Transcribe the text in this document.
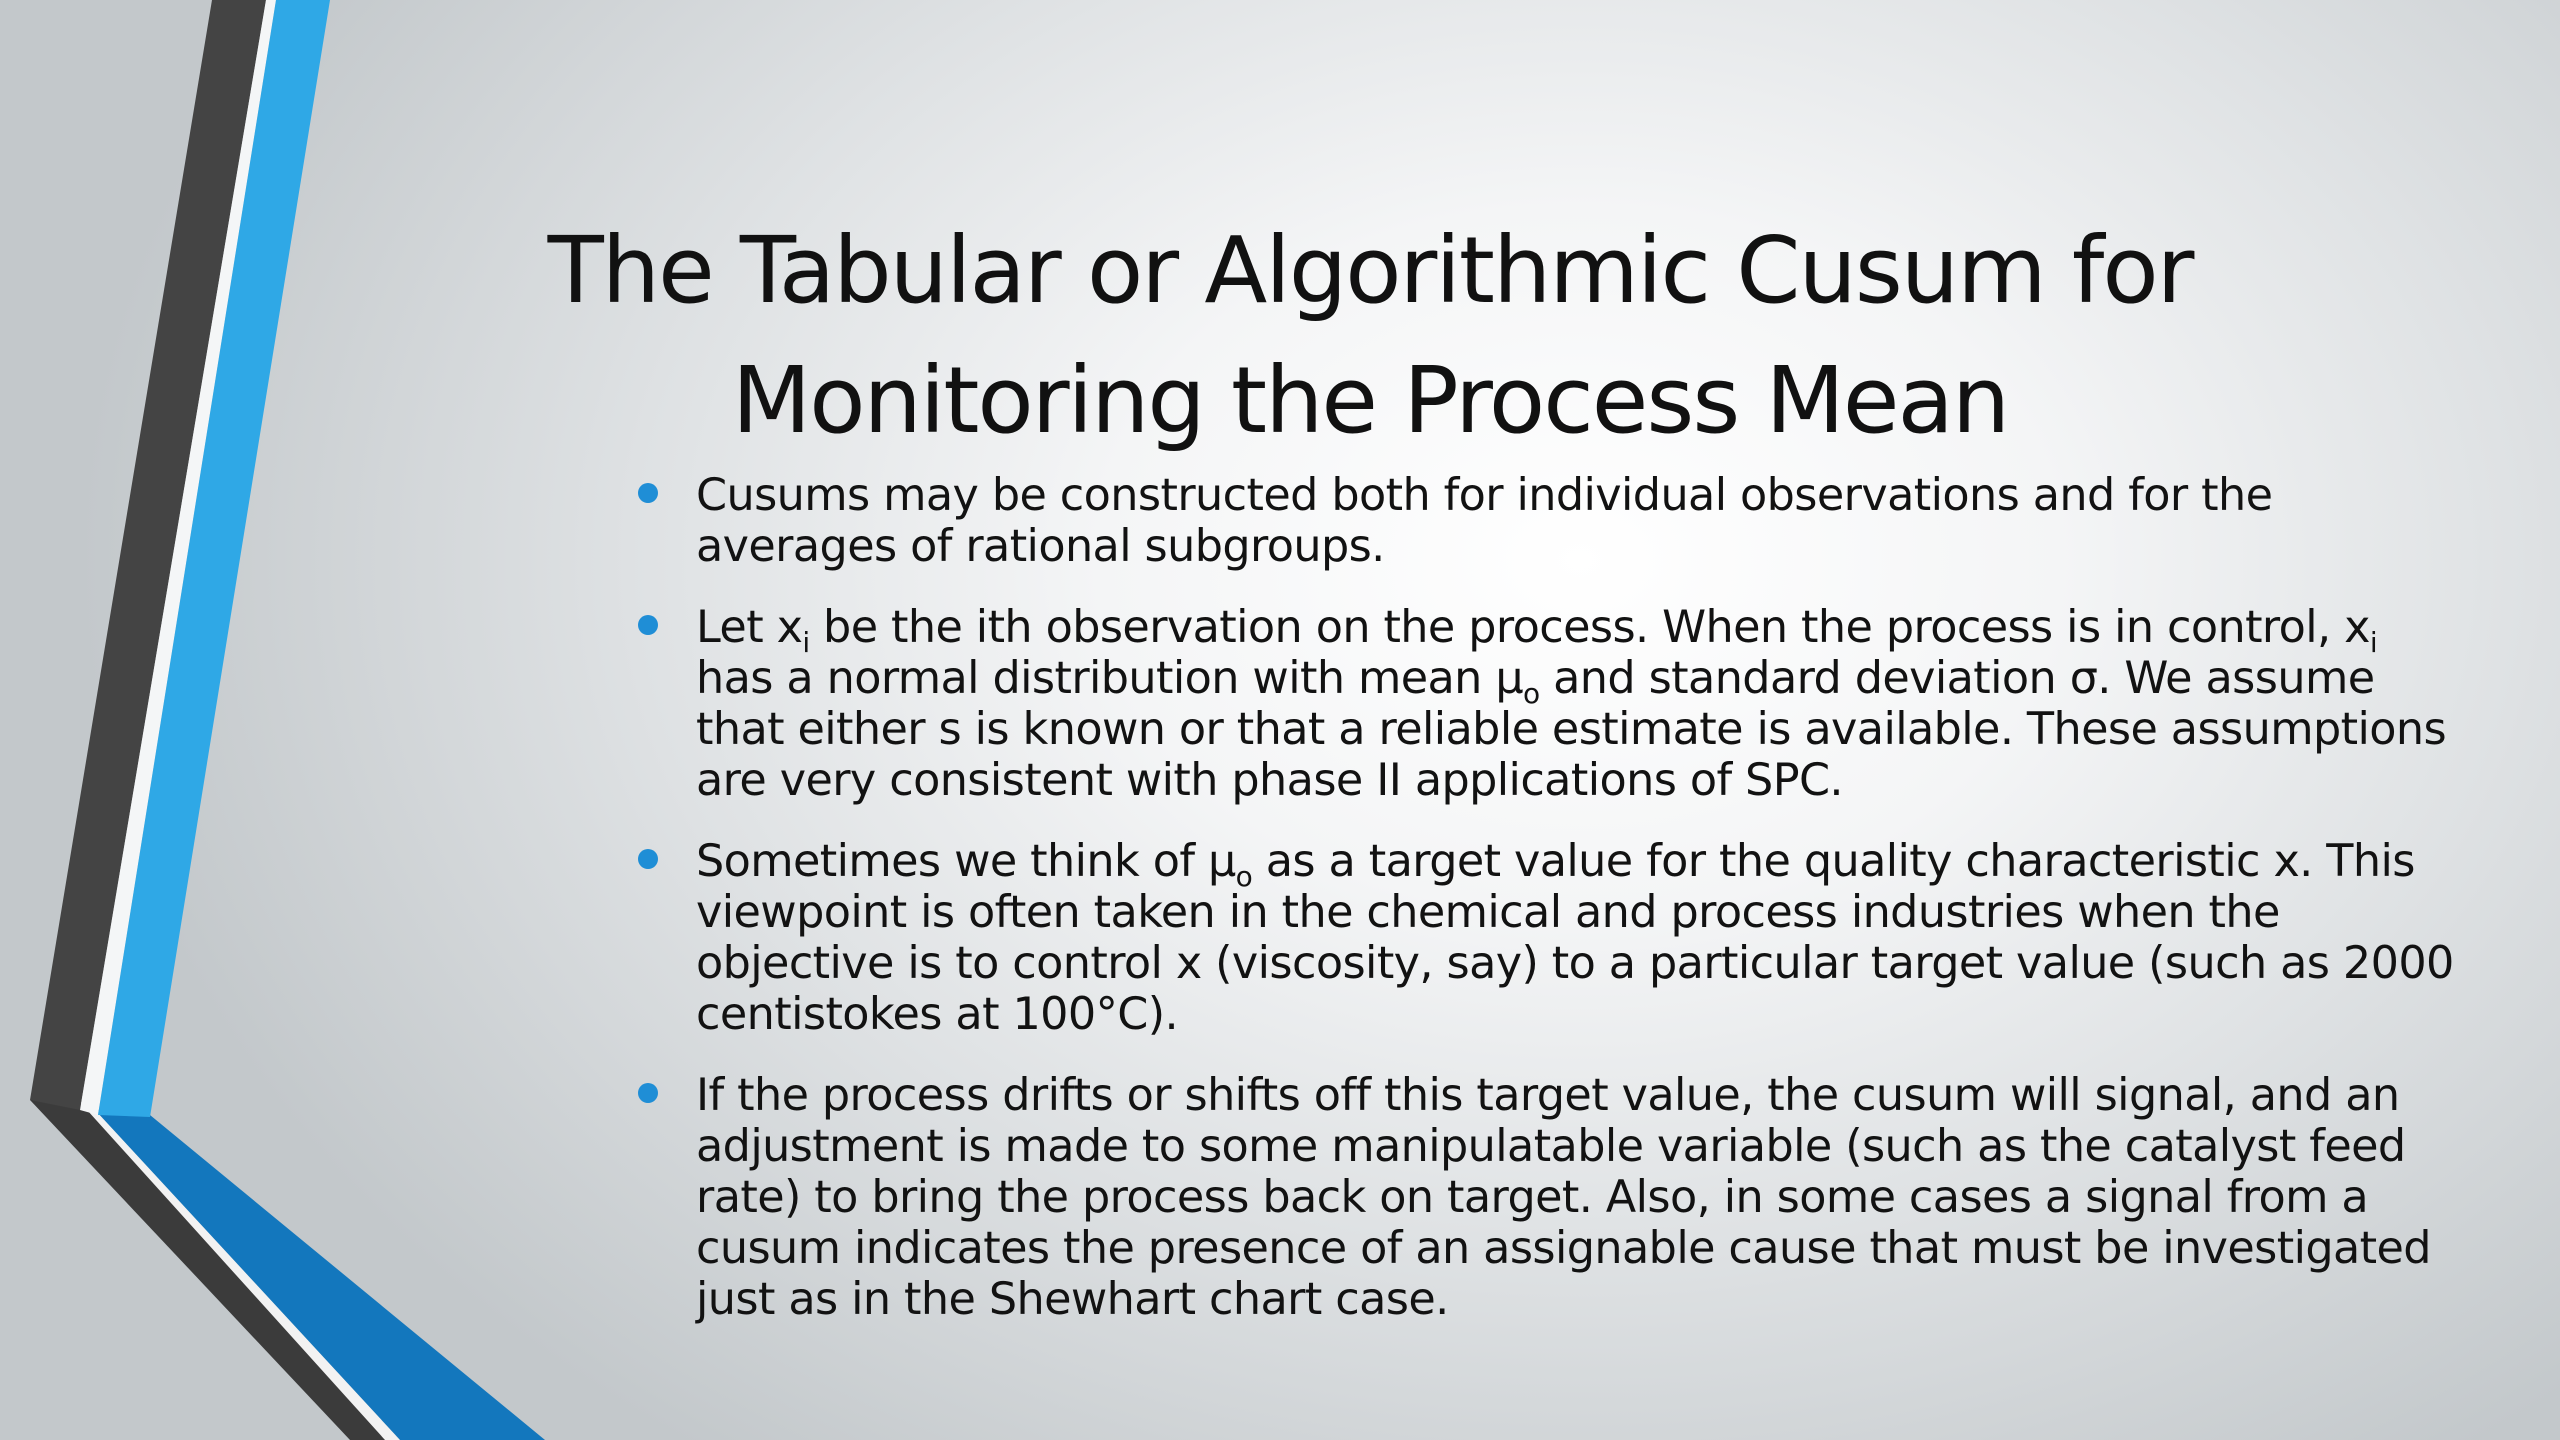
The Tabular or Algorithmic Cusum for
Monitoring the Process Mean
Cusums may be constructed both for individual observations and for the averages of rational subgroups.
Let $x_i$ be the ith observation on the process. When the process is in control, $x_i$ has a normal distribution with mean $\mu_o$ and standard deviation σ. We assume that either s is known or that a reliable estimate is available. These assumptions are very consistent with phase II applications of SPC.
Sometimes we think of $\mu_o$ as a target value for the quality characteristic x. This viewpoint is often taken in the chemical and process industries when the objective is to control x (viscosity, say) to a particular target value (such as 2000 centistokes at 100°C).
If the process drifts or shifts off this target value, the cusum will signal, and an adjustment is made to some manipulatable variable (such as the catalyst feed rate) to bring the process back on target. Also, in some cases a signal from a cusum indicates the presence of an assignable cause that must be investigated just as in the Shewhart chart case.
